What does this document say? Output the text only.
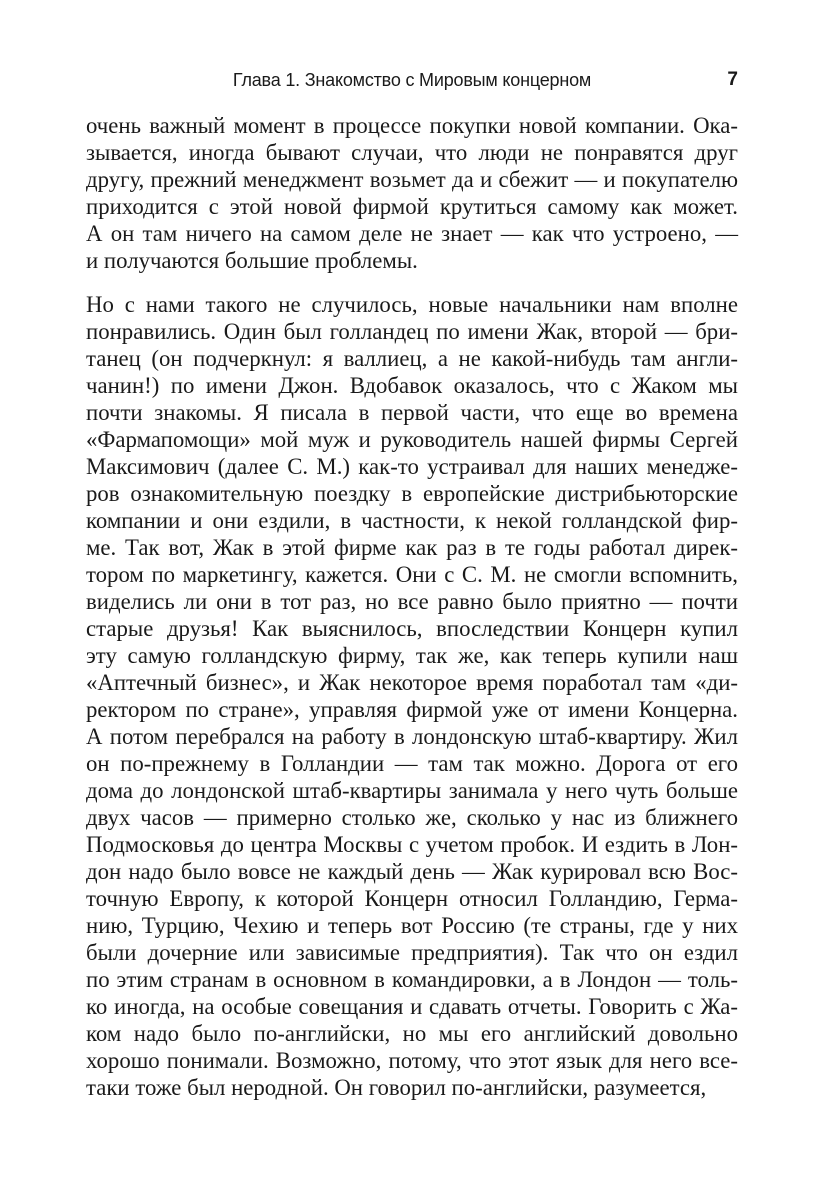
Глава 1. Знакомство с Мировым концерном	7
очень важный момент в процессе покупки новой компании. Ока-
зывается, иногда бывают случаи, что люди не понравятся друг
другу, прежний менеджмент возьмет да и сбежит — и покупателю
приходится с этой новой фирмой крутиться самому как может.
А он там ничего на самом деле не знает — как что устроено, —
и получаются большие проблемы.
Но с нами такого не случилось, новые начальники нам вполне
понравились. Один был голландец по имени Жак, второй — бри-
танец (он подчеркнул: я валлиец, а не какой-нибудь там англи-
чанин!) по имени Джон. Вдобавок оказалось, что с Жаком мы
почти знакомы. Я писала в первой части, что еще во времена
«Фармапомощи» мой муж и руководитель нашей фирмы Сергей
Максимович (далее С. М.) как-то устраивал для наших менедже-
ров ознакомительную поездку в европейские дистрибьюторские
компании и они ездили, в частности, к некой голландской фир-
ме. Так вот, Жак в этой фирме как раз в те годы работал дирек-
тором по маркетингу, кажется. Они с С. М. не смогли вспомнить,
виделись ли они в тот раз, но все равно было приятно — почти
старые друзья! Как выяснилось, впоследствии Концерн купил
эту самую голландскую фирму, так же, как теперь купили наш
«Аптечный бизнес», и Жак некоторое время поработал там «ди-
ректором по стране», управляя фирмой уже от имени Концерна.
А потом перебрался на работу в лондонскую штаб-квартиру. Жил
он по-прежнему в Голландии — там так можно. Дорога от его
дома до лондонской штаб-квартиры занимала у него чуть больше
двух часов — примерно столько же, сколько у нас из ближнего
Подмосковья до центра Москвы с учетом пробок. И ездить в Лон-
дон надо было вовсе не каждый день — Жак курировал всю Вос-
точную Европу, к которой Концерн относил Голландию, Герма-
нию, Турцию, Чехию и теперь вот Россию (те страны, где у них
были дочерние или зависимые предприятия). Так что он ездил
по этим странам в основном в командировки, а в Лондон — толь-
ко иногда, на особые совещания и сдавать отчеты. Говорить с Жа-
ком надо было по-английски, но мы его английский довольно
хорошо понимали. Возможно, потому, что этот язык для него все-
таки тоже был неродной. Он говорил по-английски, разумеется,
